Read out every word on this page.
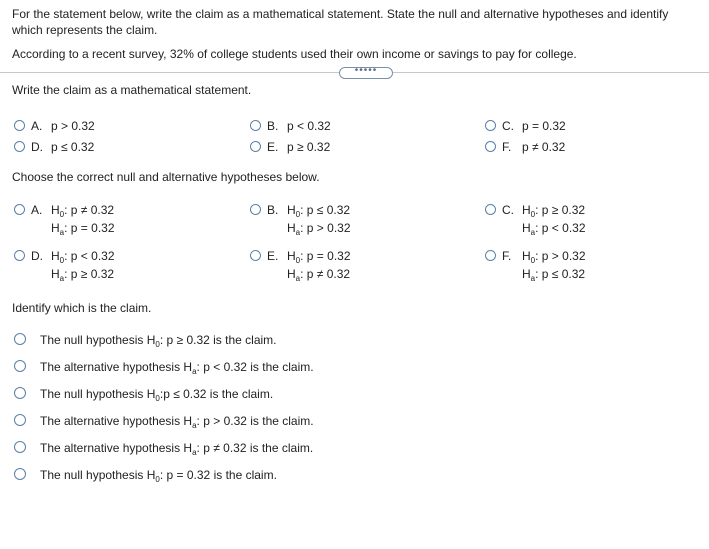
For the statement below, write the claim as a mathematical statement. State the null and alternative hypotheses and identify which represents the claim.
According to a recent survey, 32% of college students used their own income or savings to pay for college.
•••••
Write the claim as a mathematical statement.
A. p > 0.32	B. p < 0.32	C. p = 0.32
D. p ≤ 0.32	E. p ≥ 0.32	F. p ≠ 0.32
Choose the correct null and alternative hypotheses below.
A. $H_0$: p ≠ 0.32
$H_a$: p = 0.32
B. $H_0$: p ≤ 0.32
$H_a$: p > 0.32
C. $H_0$: p ≥ 0.32
$H_a$: p < 0.32
D. $H_0$: p < 0.32
$H_a$: p ≥ 0.32
E. $H_0$: p = 0.32
$H_a$: p ≠ 0.32
F. $H_0$: p > 0.32
$H_a$: p ≤ 0.32
Identify which is the claim.
The null hypothesis $H_0$: p ≥ 0.32 is the claim.
The alternative hypothesis $H_a$: p < 0.32 is the claim.
The null hypothesis $H_0:p \le 0.32$ is the claim.
The alternative hypothesis $H_a$: p > 0.32 is the claim.
The alternative hypothesis $H_a$: p ≠ 0.32 is the claim.
The null hypothesis $H_0$: p = 0.32 is the claim.
